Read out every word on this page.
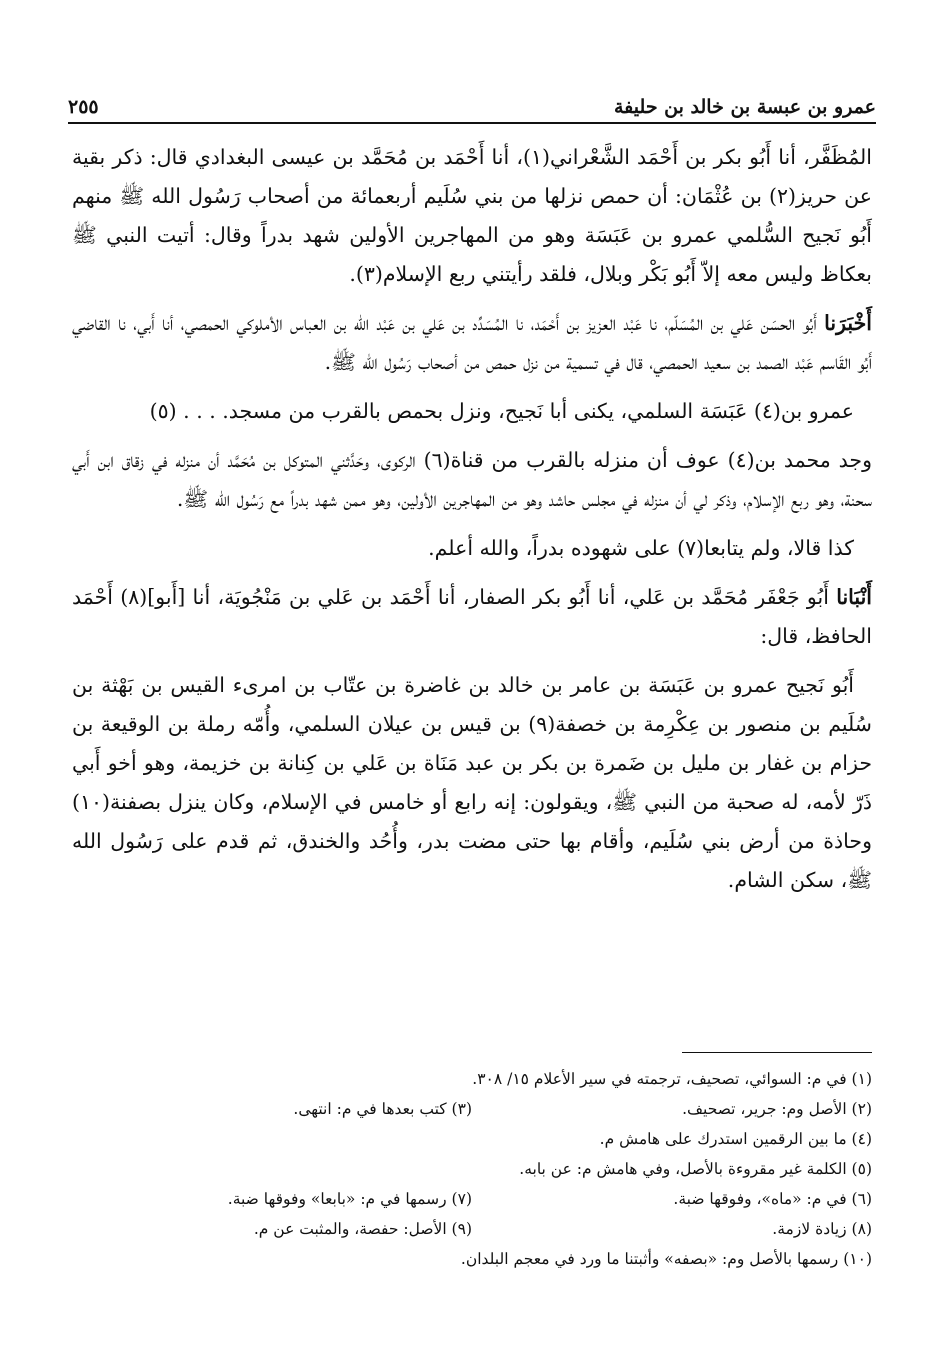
٢٥٥	عمرو بن عبسة بن خالد بن حليفة

المُظَفَّر، أنا أَبُو بكر بن أَحْمَد الشَّعْراني(١)، أنا أَحْمَد بن مُحَمَّد بن عيسى البغدادي قال: ذكر بقية عن حريز(٢) بن عُثْمَان: أن حمص نزلها من بني سُلَيم أربعمائة من أصحاب رَسُول الله ﷺ منهم أَبُو نَجيح السُّلمي عمرو بن عَبَسَة وهو من المهاجرين الأولين شهد بدراً وقال: أتيت النبي ﷺ بعكاظ وليس معه إلاّ أَبُو بَكْر وبلال، فلقد رأيتني ربع الإسلام(٣).

أَخْبَرَنا أَبُو الحسَن عَلي بن المُسَلّم، نا عَبْد العزيز بن أَحْمَد، نا المُسَدِّد بن عَلي بن عَبْد اللّه بن العباس الأملوكي الحمصي، أنا أَبي، نا القاضي أَبُو القَاسم عَبْد الصمد بن سعيد الحمصي، قال في تسمية من نزل حمص من أصحاب رَسُول الله ﷺ.

عمرو بن(٤) عَبَسَة السلمي، يكنى أبا نَجيح، ونزل بحمص بالقرب من مسجد. . . . (٥)

وجد محمد بن(٤) عوف أن منزله بالقرب من قناة(٦) الركوى، وحَدَّثني المتوكل بن مُحَمَّد أن منزله في زقاق ابن أَبي سحنة، وهو ربع الإسلام، وذكر لي أن منزله في مجلس حاشد وهو من المهاجرين الأولين، وهو ممن شهد بدراً مع رَسُول الله ﷺ.

كذا قالا، ولم يتابعا(٧) على شهوده بدراً، والله أعلم.

أَنْبَانا أَبُو جَعْفَر مُحَمَّد بن عَلي، أنا أَبُو بكر الصفار، أنا أَحْمَد بن عَلي بن مَنْجُويَة، أنا [أَبو](٨) أَحْمَد الحافظ، قال:

أَبُو نَجيح عمرو بن عَبَسَة بن عامر بن خالد بن غاضرة بن عتّاب بن امرىء القيس بن بَهْثة بن سُلَيم بن منصور بن عِكْرِمة بن خصفة(٩) بن قيس بن عيلان السلمي، وأُمّه رملة بن الوقيعة بن حزام بن غفار بن مليل بن ضَمرة بن بكر بن عبد مَنَاة بن عَلي بن كِنانة بن خزيمة، وهو أخو أَبي ذَرّ لأمه، له صحبة من النبي ﷺ، ويقولون: إنه رابع أو خامس في الإسلام، وكان ينزل بصفنة(١٠) وحاذة من أرض بني سُلَيم، وأقام بها حتى مضت بدر، وأُحُد والخندق، ثم قدم على رَسُول الله ﷺ، سكن الشام.

(١) في م: السوائي، تصحيف، ترجمته في سير الأعلام ١٥/ ٣٠٨.
(٢) الأصل وم: جرير، تصحيف.
(٣) كتب بعدها في م: انتهى.
(٤) ما بين الرقمين استدرك على هامش م.
(٥) الكلمة غير مقروءة بالأصل، وفي هامش م: عن بابه.
(٦) في م: «ماه»، وفوقها ضبة.
(٧) رسمها في م: «بابعا» وفوقها ضبة.
(٨) زيادة لازمة.
(٩) الأصل: حفصة، والمثبت عن م.
(١٠) رسمها بالأصل وم: «بصفه» وأثبتنا ما ورد في معجم البلدان.
